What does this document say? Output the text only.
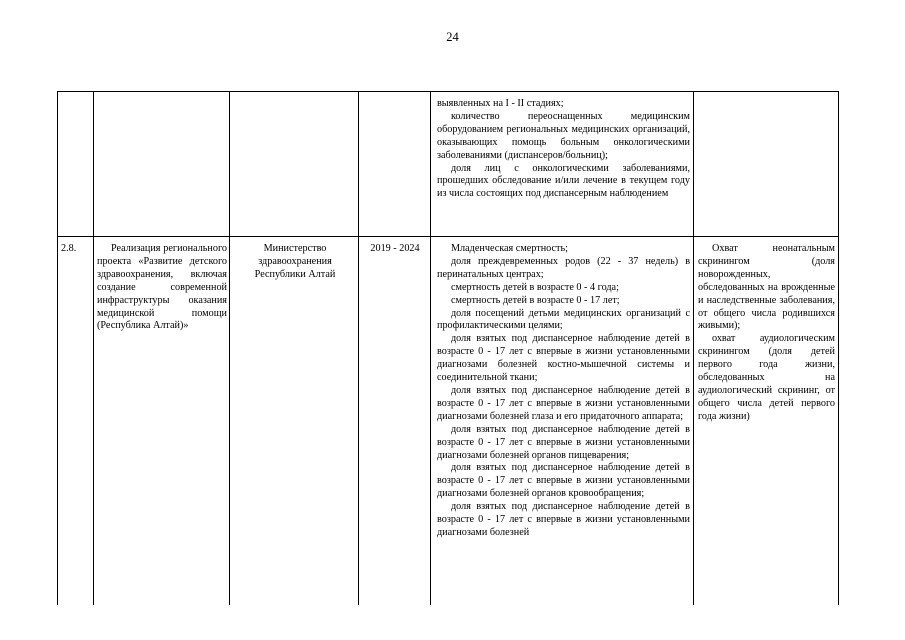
24

выявленных на I - II стадиях;

количество переоснащенных медицинским оборудованием региональных медицинских организаций, оказывающих помощь больным онкологическими заболеваниями (диспансеров/больниц);

доля лиц с онкологическими заболеваниями, прошедших обследование и/или лечение в текущем году из числа состоящих под диспансерным наблюдением

2.8.	Реализация регионального проекта «Развитие детского здравоохранения, включая создание современной инфраструктуры оказания медицинской помощи (Республика Алтай)»

Министерство здравоохранения Республики Алтай

2019 - 2024	Младенческая смертность;

доля преждевременных родов (22 - 37 недель) в перинатальных центрах;

смертность детей в возрасте 0 - 4 года;

смертность детей в возрасте 0 - 17 лет;

доля посещений детьми медицинских организаций с профилактическими целями;

доля взятых под диспансерное наблюдение детей в возрасте 0 - 17 лет с впервые в жизни установленными диагнозами болезней костно-мышечной системы и соединительной ткани;

доля взятых под диспансерное наблюдение детей в возрасте 0 - 17 лет с впервые в жизни установленными диагнозами болезней глаза и его придаточного аппарата;

доля взятых под диспансерное наблюдение детей в возрасте 0 - 17 лет с впервые в жизни установленными диагнозами болезней органов пищеварения;

доля взятых под диспансерное наблюдение детей в возрасте 0 - 17 лет с впервые в жизни установленными диагнозами болезней органов кровообращения;

доля взятых под диспансерное наблюдение детей в возрасте 0 - 17 лет с впервые в жизни установленными диагнозами болезней

Охват неонатальным скринингом (доля новорожденных, обследованных на врожденные и наследственные заболевания, от общего числа родившихся живыми);

охват аудиологическим скринингом (доля детей первого года жизни, обследованных на аудиологический скрининг, от общего числа детей первого года жизни)
